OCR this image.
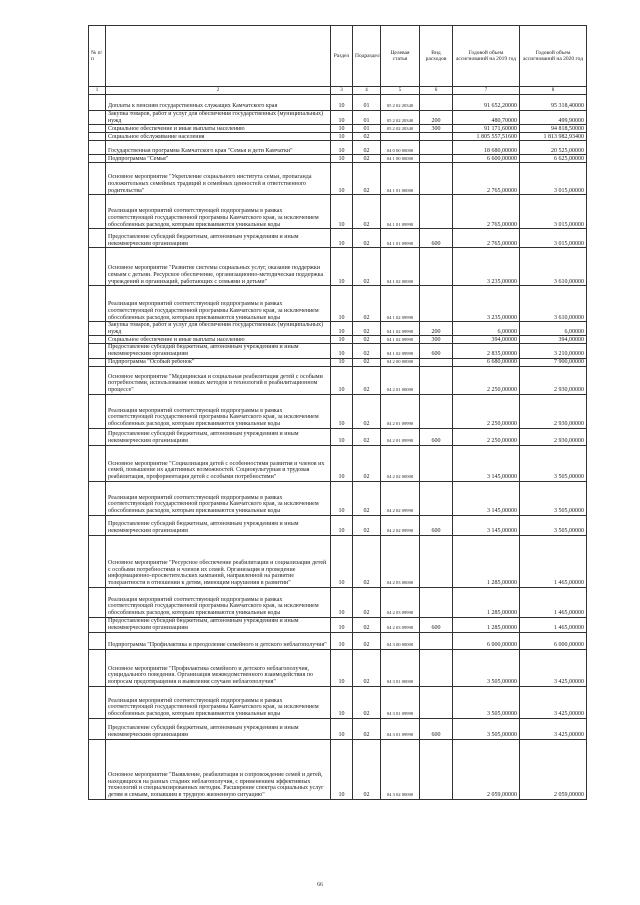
№ п/п		Раздел	Подраздел	Целевая статья	Вид расходов	Годовой объем ассигнований на 2019 год	Годовой объем ассигнований на 2020 год
1	2	3	4	5	6	7	8
	Доплаты к пенсиям государственных служащих Камчатского края	10	01	05 2 02 20340		91 652,20000	95 318,40000
	Закупка товаров, работ и услуг для обеспечения государственных (муниципальных) нужд	10	01	05 2 02 20340	200	480,70000	499,90000
	Социальное обеспечение и иные выплаты населению	10	01	05 2 02 20340	300	91 171,60000	94 818,50000
	Социальное обслуживание населения	10	02			1 805 557,51600	1 813 982,93400
	Государственная программа Камчатского края "Семья и дети Камчатки"	10	02	04 0 00 00000		18 680,00000	20 525,00000
	Подпрограмма "Семья"	10	02	04 1 00 00000		6 600,00000	6 625,00000
	Основное мероприятие "Укрепление социального института семьи, пропаганда положительных семейных традиций и семейных ценностей и ответственного родительства"	10	02	04 1 01 00000		2 765,00000	3 015,00000
	Реализация мероприятий соответствующей подпрограммы в рамках соответствующей государственной программы Камчатского края, за исключением обособленных расходов, которым присваиваются уникальные коды	10	02	04 1 01 09990		2 765,00000	3 015,00000
	Предоставление субсидий бюджетным, автономным учреждениям и иным некоммерческим организациям	10	02	04 1 01 09990	600	2 765,00000	3 015,00000
	Основное мероприятие "Развитие системы социальных услуг, оказание поддержки семьям с детьми. Ресурсное обеспечение, организационно-методическая поддержка учреждений и организаций, работающих с семьями и детьми"	10	02	04 1 02 00000		3 235,00000	3 610,00000
	Реализация мероприятий соответствующей подпрограммы в рамках соответствующей государственной программы Камчатского края, за исключением обособленных расходов, которым присваиваются уникальные коды	10	02	04 1 02 09990		3 235,00000	3 610,00000
	Закупка товаров, работ и услуг для обеспечения государственных (муниципальных) нужд	10	02	04 1 02 09990	200	6,00000	6,00000
	Социальное обеспечение и иные выплаты населению	10	02	04 1 02 09990	300	394,00000	394,00000
	Предоставление субсидий бюджетным, автономным учреждениям и иным некоммерческим организациям	10	02	04 1 02 09990	600	2 835,00000	3 210,00000
	Подпрограмма "Особый ребенок"	10	02	04 2 00 00000		6 680,00000	7 900,00000
	Основное мероприятие "Медицинская и социальная реабилитация детей с особыми потребностями, использование новых методов и технологий в реабилитационном процессе"	10	02	04 2 01 00000		2 250,00000	2 930,00000
	Реализация мероприятий соответствующей подпрограммы в рамках соответствующей государственной программы Камчатского края, за исключением обособленных расходов, которым присваиваются уникальные коды	10	02	04 2 01 09990		2 250,00000	2 930,00000
	Предоставление субсидий бюджетным, автономным учреждениям и иным некоммерческим организациям	10	02	04 2 01 09990	600	2 250,00000	2 930,00000
	Основное мероприятие "Социализация детей с особенностями развития и членов их семей, повышение их адаптивных возможностей. Социокультурная и трудовая реабилитация, профориентация детей с особыми потребностями"	10	02	04 2 02 00000		3 145,00000	3 505,00000
	Реализация мероприятий соответствующей подпрограммы в рамках соответствующей государственной программы Камчатского края, за исключением обособленных расходов, которым присваиваются уникальные коды	10	02	04 2 02 09990		3 145,00000	3 505,00000
	Предоставление субсидий бюджетным, автономным учреждениям и иным некоммерческим организациям	10	02	04 2 02 09990	600	3 145,00000	3 505,00000
	Основное мероприятие "Ресурсное обеспечение реабилитации и социализации детей с особыми потребностями и членов их семей. Организация и проведение информационно-просветительских кампаний, направленной на развитие толерантности в отношении к детям, имеющим нарушения в развитии"	10	02	04 2 03 00000		1 285,00000	1 465,00000
	Реализация мероприятий соответствующей подпрограммы в рамках соответствующей государственной программы Камчатского края, за исключением обособленных расходов, которым присваиваются уникальные коды	10	02	04 2 03 09990		1 285,00000	1 465,00000
	Предоставление субсидий бюджетным, автономным учреждениям и иным некоммерческим организациям	10	02	04 2 03 09990	600	1 285,00000	1 465,00000
	Подпрограмма "Профилактика и преодоление семейного и детского неблагополучия"	10	02	04 3 00 00000		6 000,00000	6 000,00000
	Основное мероприятие "Профилактика семейного и детского неблагополучия, суицидального поведения. Организация межведомственного взаимодействия по вопросам предотвращения и выявления случаев неблагополучия"	10	02	04 3 01 00000		3 505,00000	3 425,00000
	Реализация мероприятий соответствующей подпрограммы в рамках соответствующей государственной программы Камчатского края, за исключением обособленных расходов, которым присваиваются уникальные коды	10	02	04 3 01 09990		3 505,00000	3 425,00000
	Предоставление субсидий бюджетным, автономным учреждениям и иным некоммерческим организациям	10	02	04 3 01 09990	600	3 505,00000	3 425,00000
	Основное мероприятие "Выявление, реабилитация и сопровождение семей и детей, находящихся на разных стадиях неблагополучия, с применением эффективных технологий и специализированных методик. Расширение спектра социальных услуг детям и семьям, попавшим в трудную жизненную ситуацию"	10	02	04 3 02 00000		2 059,00000	2 059,00000
66
